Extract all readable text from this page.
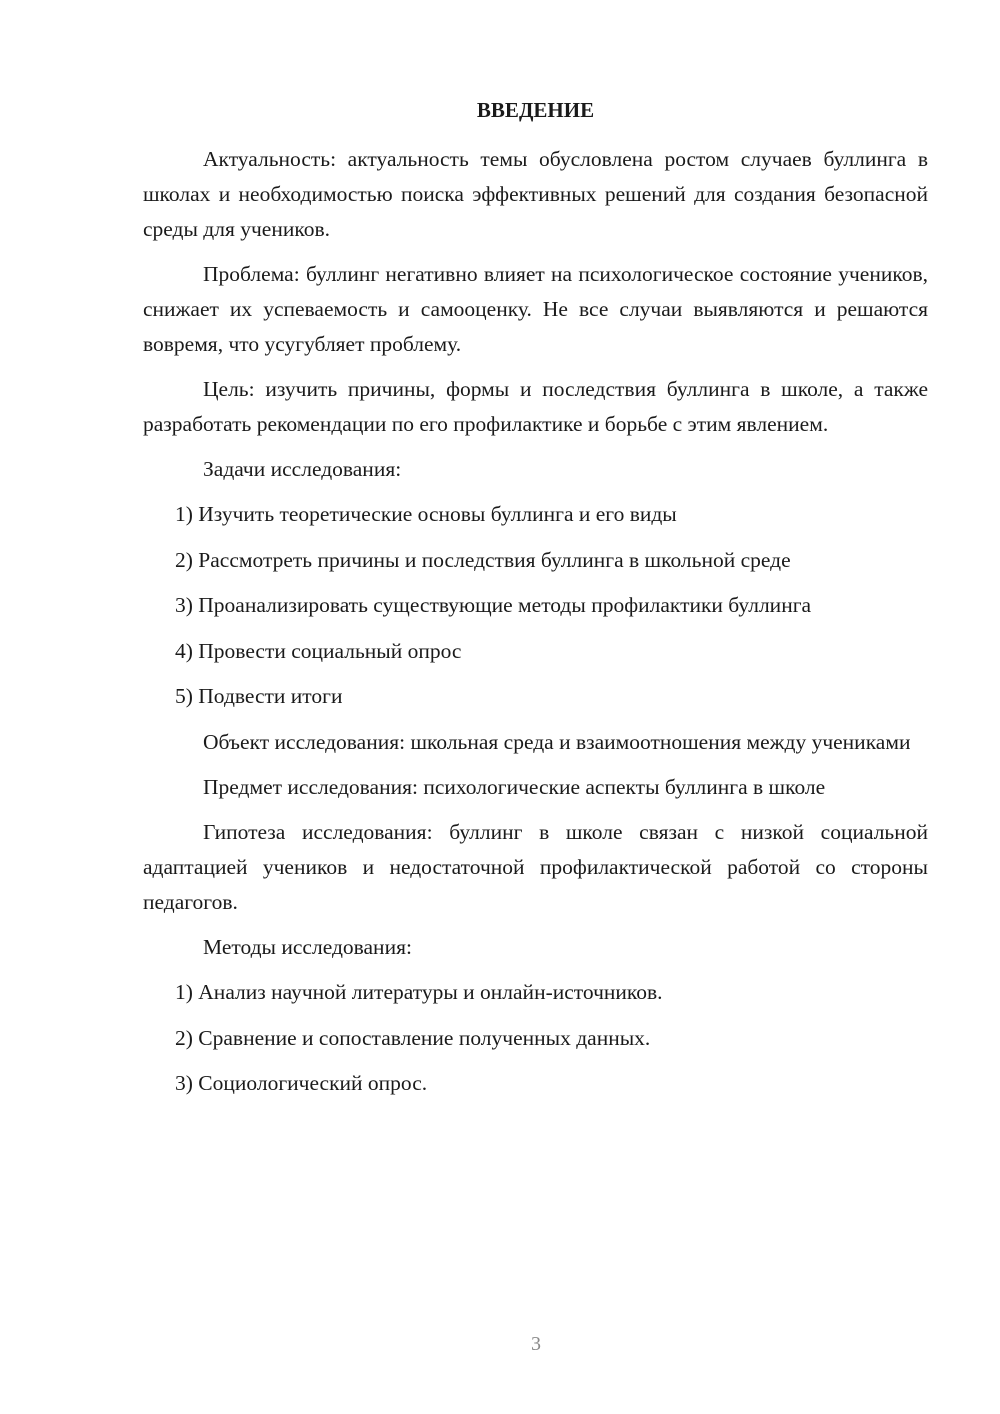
ВВЕДЕНИЕ

Актуальность: актуальность темы обусловлена ростом случаев буллинга в школах и необходимостью поиска эффективных решений для создания безопасной среды для учеников.

Проблема: буллинг негативно влияет на психологическое состояние учеников, снижает их успеваемость и самооценку. Не все случаи выявляются и решаются вовремя, что усугубляет проблему.

Цель: изучить причины, формы и последствия буллинга в школе, а также разработать рекомендации по его профилактике и борьбе с этим явлением.

Задачи исследования:

1) Изучить теоретические основы буллинга и его виды
2) Рассмотреть причины и последствия буллинга в школьной среде
3) Проанализировать существующие методы профилактики буллинга
4) Провести социальный опрос
5) Подвести итоги

Объект исследования: школьная среда и взаимоотношения между учениками

Предмет исследования: психологические аспекты буллинга в школе

Гипотеза исследования: буллинг в школе связан с низкой социальной адаптацией учеников и недостаточной профилактической работой со стороны педагогов.

Методы исследования:

1) Анализ научной литературы и онлайн-источников.
2) Сравнение и сопоставление полученных данных.
3) Социологический опрос.
3
